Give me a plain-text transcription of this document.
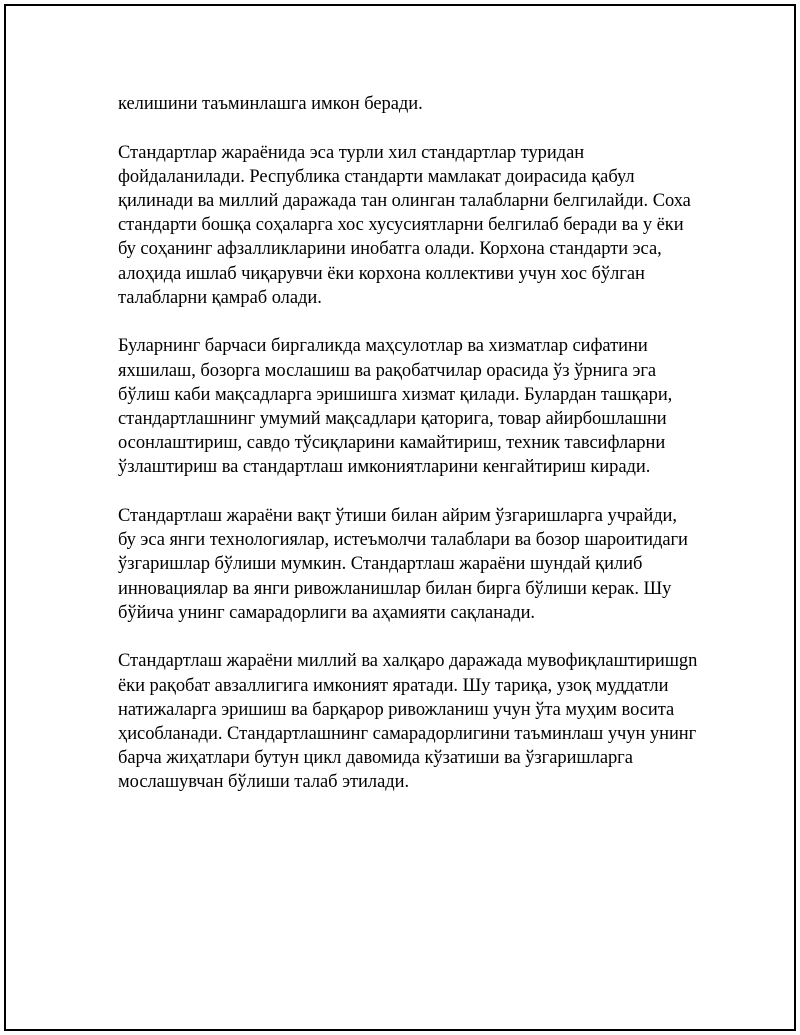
келишини таъминлашга имкон беради.

Стандартлар жараёнида эса турли хил стандартлар туридан фойдаланилади. Республика стандарти мамлакат доирасида қабул қилинади ва миллий даражада тан олинган талабларни белгилайди. Соха стандарти бошқа соҳаларга хос хусусиятларни белгилаб беради ва у ёки бу соҳанинг афзалликларини инобатга олади. Корхона стандарти эса, алоҳида ишлаб чиқарувчи ёки корхона коллективи учун хос бўлган талабларни қамраб олади.

Буларнинг барчаси биргаликда маҳсулотлар ва хизматлар сифатини яхшилаш, бозорга мослашиш ва рақобатчилар орасида ўз ўрнига эга бўлиш каби мақсадларга эришишга хизмат қилади. Булардан ташқари, стандартлашнинг умумий мақсадлари қаторига, товар айирбошлашни осонлаштириш, савдо тўсиқларини камайтириш, техник тавсифларни ўзлаштириш ва стандартлаш имкониятларини кенгайтириш киради.

Стандартлаш жараёни вақт ўтиши билан айрим ўзгаришларга учрайди, бу эса янги технологиялар, истеъмолчи талаблари ва бозор шароитидаги ўзгаришлар бўлиши мумкин. Стандартлаш жараёни шундай қилиб инновациялар ва янги ривожланишлар билан бирга бўлиши керак. Шу бўйича унинг самарадорлиги ва аҳамияти сақланади.

Стандартлаш жараёни миллий ва халқаро даражада мувофиқлаштиришgn ёки рақобат авзаллигига имконият яратади. Шу тариқа, узоқ муддатли натижаларга эришиш ва барқарор ривожланиш учун ўта муҳим восита ҳисобланади. Стандартлашнинг самарадорлигини таъминлаш учун унинг барча жиҳатлари бутун цикл давомида кўзатиши ва ўзгаришларга мослашувчан бўлиши талаб этилади.
